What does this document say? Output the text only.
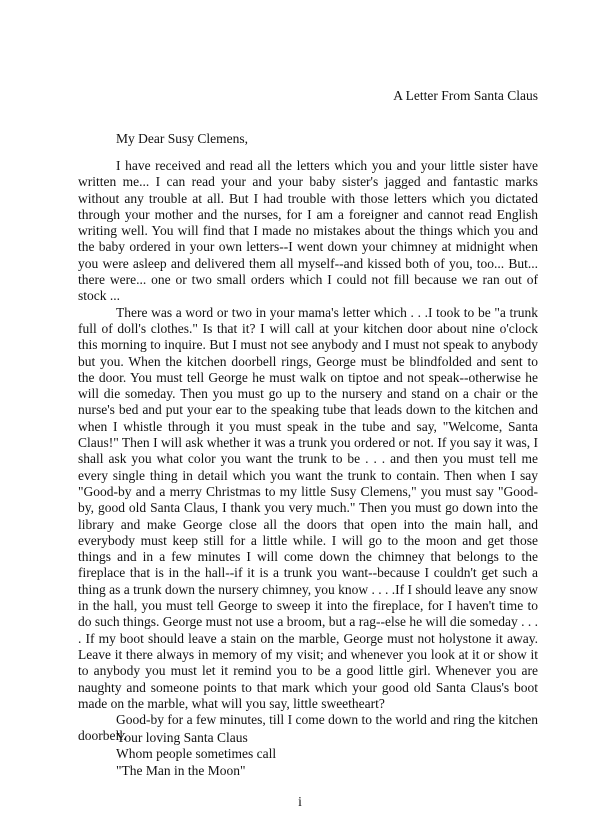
A Letter From Santa Claus
My Dear Susy Clemens,

I have received and read all the letters which you and your little sister have written me... I can read your and your baby sister's jagged and fantastic marks without any trouble at all. But I had trouble with those letters which you dictated through your mother and the nurses, for I am a foreigner and cannot read English writing well. You will find that I made no mistakes about the things which you and the baby ordered in your own letters--I went down your chimney at midnight when you were asleep and delivered them all myself--and kissed both of you, too... But... there were... one or two small orders which I could not fill because we ran out of stock ...

There was a word or two in your mama's letter which . . .I took to be "a trunk full of doll's clothes." Is that it? I will call at your kitchen door about nine o'clock this morning to inquire. But I must not see anybody and I must not speak to anybody but you. When the kitchen doorbell rings, George must be blindfolded and sent to the door. You must tell George he must walk on tiptoe and not speak--otherwise he will die someday. Then you must go up to the nursery and stand on a chair or the nurse's bed and put your ear to the speaking tube that leads down to the kitchen and when I whistle through it you must speak in the tube and say, "Welcome, Santa Claus!" Then I will ask whether it was a trunk you ordered or not. If you say it was, I shall ask you what color you want the trunk to be . . . and then you must tell me every single thing in detail which you want the trunk to contain. Then when I say "Good-by and a merry Christmas to my little Susy Clemens," you must say "Good-by, good old Santa Claus, I thank you very much." Then you must go down into the library and make George close all the doors that open into the main hall, and everybody must keep still for a little while. I will go to the moon and get those things and in a few minutes I will come down the chimney that belongs to the fireplace that is in the hall--if it is a trunk you want--because I couldn't get such a thing as a trunk down the nursery chimney, you know . . . .If I should leave any snow in the hall, you must tell George to sweep it into the fireplace, for I haven't time to do such things. George must not use a broom, but a rag--else he will die someday . . . . If my boot should leave a stain on the marble, George must not holystone it away. Leave it there always in memory of my visit; and whenever you look at it or show it to anybody you must let it remind you to be a good little girl. Whenever you are naughty and someone points to that mark which your good old Santa Claus's boot made on the marble, what will you say, little sweetheart?

Good-by for a few minutes, till I come down to the world and ring the kitchen doorbell.

Your loving Santa Claus
Whom people sometimes call
"The Man in the Moon"
i
